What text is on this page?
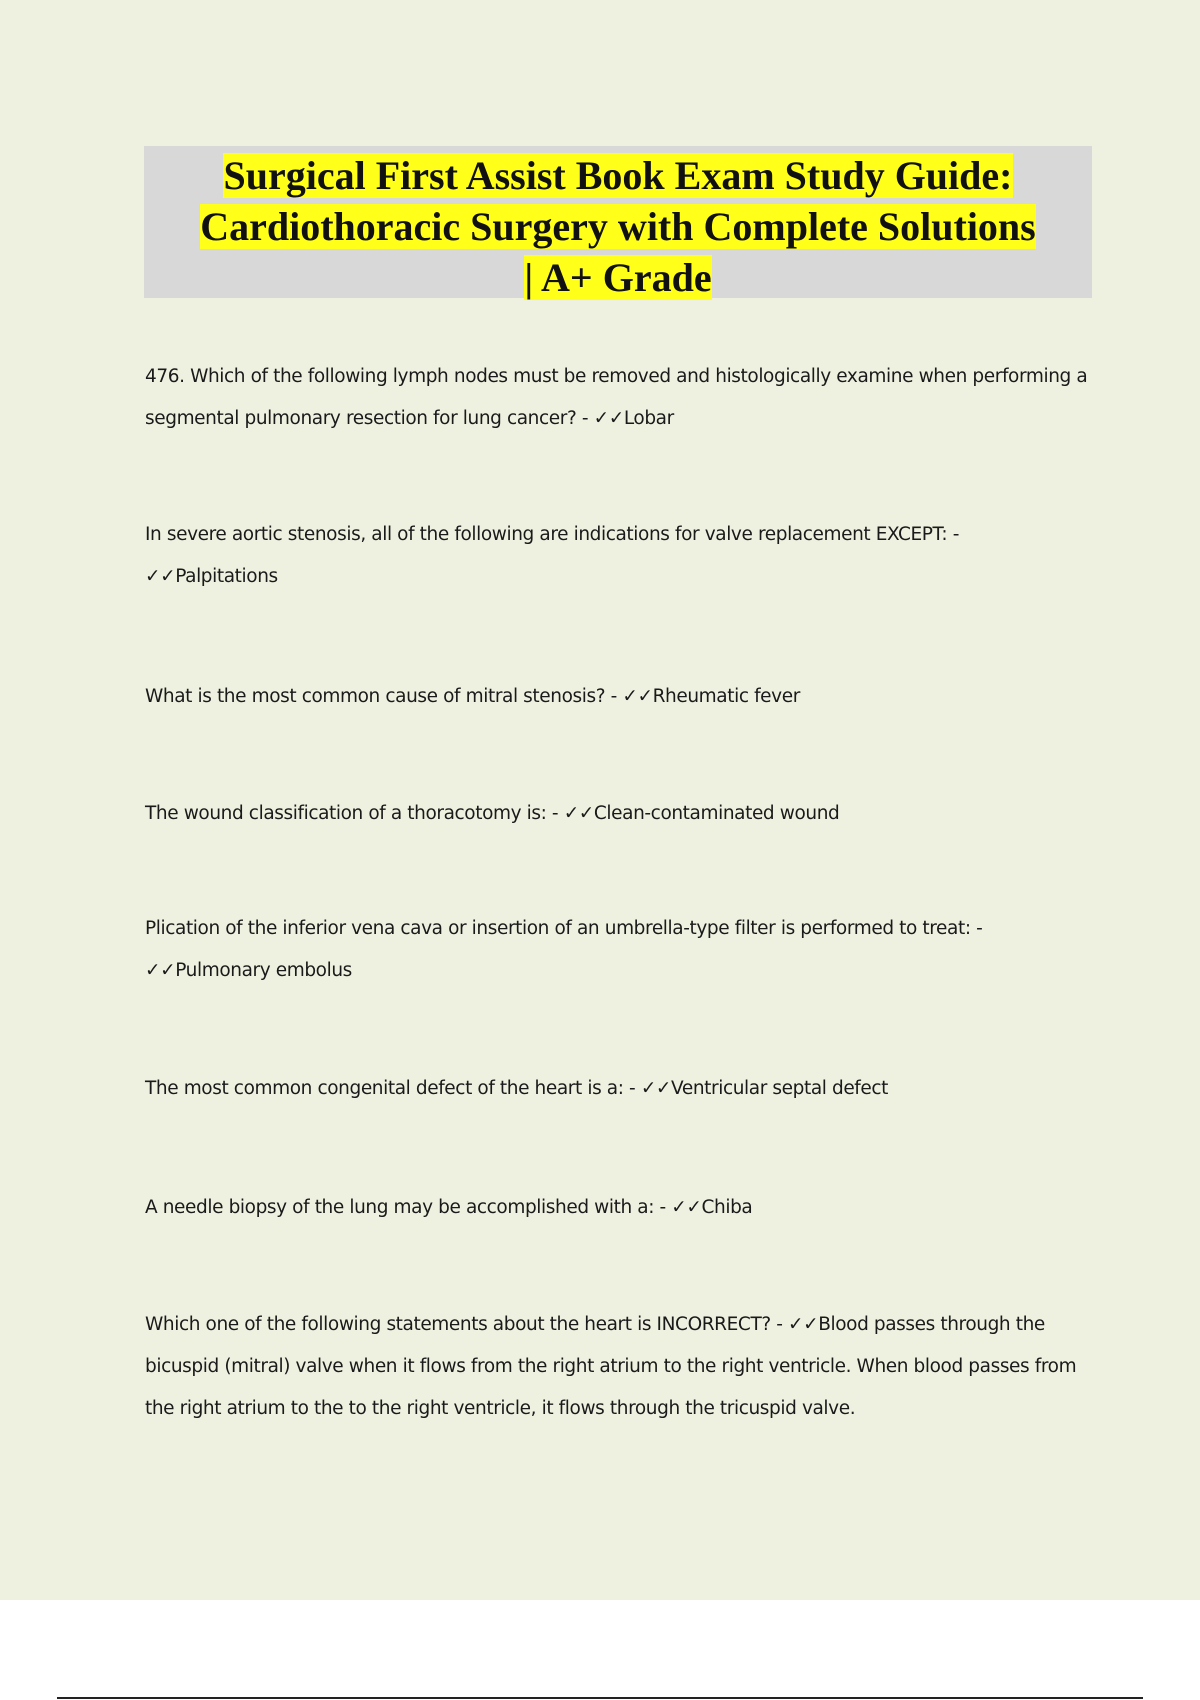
Surgical First Assist Book Exam Study Guide:
Cardiothoracic Surgery with Complete Solutions
| A+ Grade

476. Which of the following lymph nodes must be removed and histologically examine when performing a segmental pulmonary resection for lung cancer? - ✓✓Lobar

In severe aortic stenosis, all of the following are indications for valve replacement EXCEPT: -
✓✓Palpitations

What is the most common cause of mitral stenosis? - ✓✓Rheumatic fever

The wound classification of a thoracotomy is: - ✓✓Clean-contaminated wound

Plication of the inferior vena cava or insertion of an umbrella-type filter is performed to treat: -
✓✓Pulmonary embolus

The most common congenital defect of the heart is a: - ✓✓Ventricular septal defect

A needle biopsy of the lung may be accomplished with a: - ✓✓Chiba

Which one of the following statements about the heart is INCORRECT? - ✓✓Blood passes through the bicuspid (mitral) valve when it flows from the right atrium to the right ventricle. When blood passes from the right atrium to the to the right ventricle, it flows through the tricuspid valve.
